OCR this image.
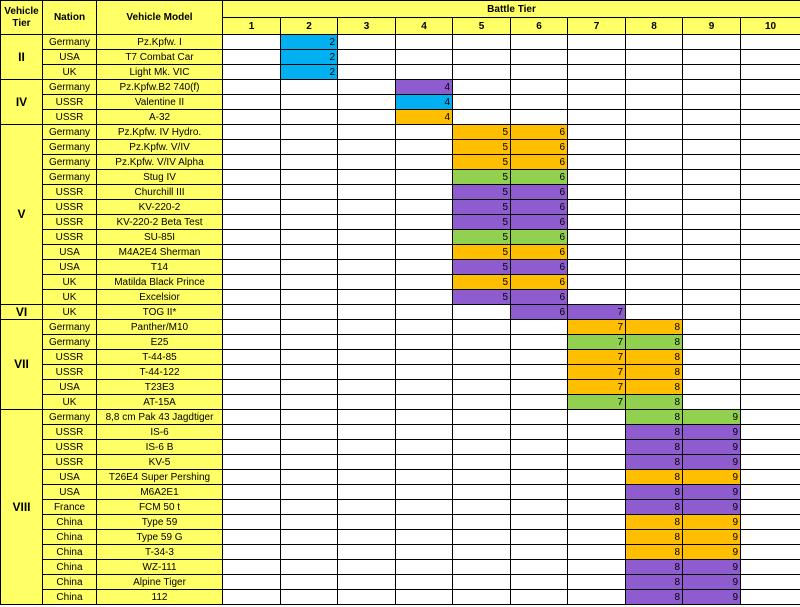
Vehicle Tier	Nation	Vehicle Model	Battle Tier									
			1	2	3	4	5	6	7	8	9	10
II	Germany	Pz.Kpfw. I		2								
	USA	T7 Combat Car		2								
	UK	Light Mk. VIC		2								
IV	Germany	Pz.Kpfw.B2 740(f)				4						
	USSR	Valentine II				4						
	USSR	A-32				4						
V	Germany	Pz.Kpfw. IV Hydro.					5	6				
	Germany	Pz.Kpfw. V/IV					5	6				
	Germany	Pz.Kpfw. V/IV Alpha					5	6				
	Germany	Stug IV					5	6				
	USSR	Churchill III					5	6				
	USSR	KV-220-2					5	6				
	USSR	KV-220-2 Beta Test					5	6				
	USSR	SU-85I					5	6				
	USA	M4A2E4 Sherman					5	6				
	USA	T14					5	6				
	UK	Matilda Black Prince					5	6				
	UK	Excelsior					5	6				
VI	UK	TOG II*						6	7			
VII	Germany	Panther/M10							7	8		
	Germany	E25							7	8		
	USSR	T-44-85							7	8		
	USSR	T-44-122							7	8		
	USA	T23E3							7	8		
	UK	AT-15A							7	8		
VIII	Germany	8,8 cm Pak 43 Jagdtiger								8	9	
	USSR	IS-6								8	9	
	USSR	IS-6 B								8	9	
	USSR	KV-5								8	9	
	USA	T26E4 Super Pershing								8	9	
	USA	M6A2E1								8	9	
	France	FCM 50 t								8	9	
	China	Type 59								8	9	
	China	Type 59 G								8	9	
	China	T-34-3								8	9	
	China	WZ-111								8	9	
	China	Alpine Tiger								8	9	
	China	112								8	9	
